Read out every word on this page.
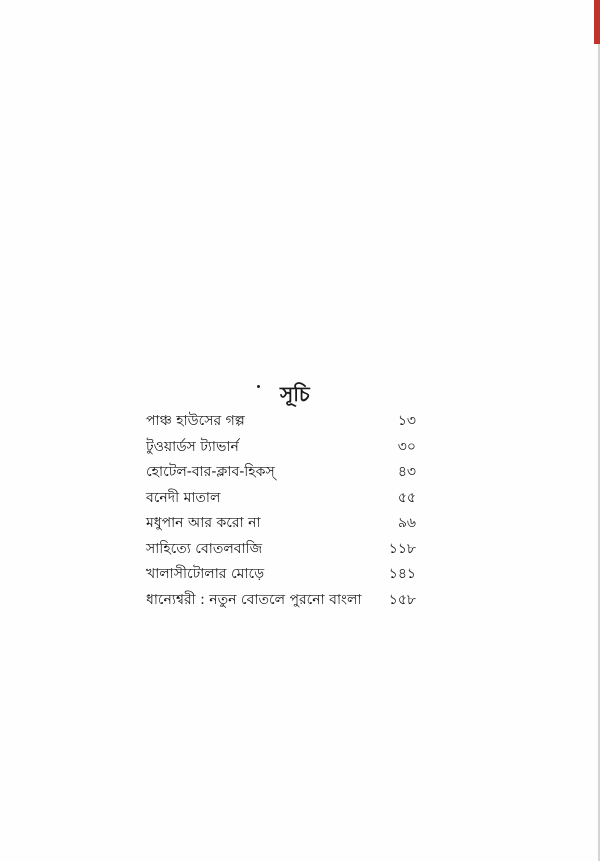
সূচি
পাঞ্চ হাউসের গল্প	১৩
টুওয়ার্ডস ট্যাভার্ন	৩০
হোটেল-বার-ক্লাব-হিকস্	৪৩
বনেদী মাতাল	৫৫
মধুপান আর করো না	৯৬
সাহিত্যে বোতলবাজি	১১৮
খালাসীটোলার মোড়ে	১৪১
ধান্যেশ্বরী : নতুন বোতলে পুরনো বাংলা ১৫৮
